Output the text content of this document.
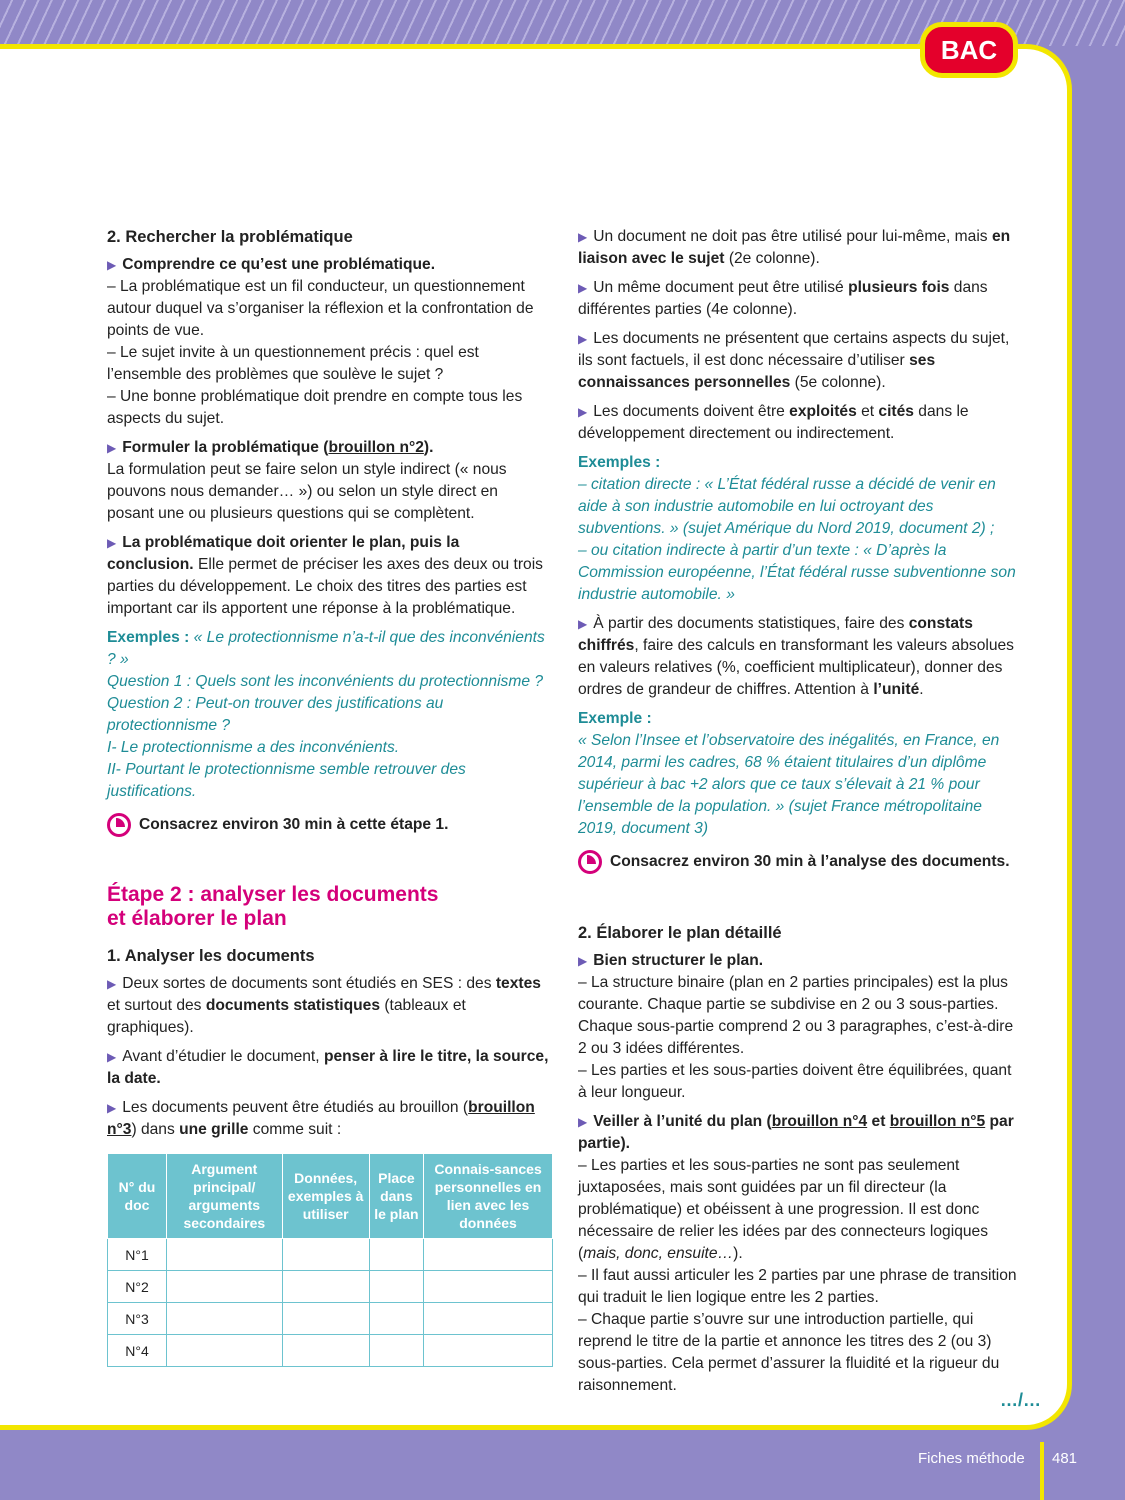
BAC
2. Rechercher la problématique

▶ Comprendre ce qu’est une problématique.

– La problématique est un fil conducteur, un questionnement autour duquel va s’organiser la réflexion et la confrontation de points de vue.

– Le sujet invite à un questionnement précis : quel est l’ensemble des problèmes que soulève le sujet ?

– Une bonne problématique doit prendre en compte tous les aspects du sujet.

▶ Formuler la problématique (brouillon n°2).

La formulation peut se faire selon un style indirect (« nous pouvons nous demander… ») ou selon un style direct en posant une ou plusieurs questions qui se complètent.

▶ La problématique doit orienter le plan, puis la conclusion. Elle permet de préciser les axes des deux ou trois parties du développement. Le choix des titres des parties est important car ils apportent une réponse à la problématique.

Exemples : « Le protectionnisme n’a-t-il que des inconvénients ? »
Question 1 : Quels sont les inconvénients du protectionnisme ?
Question 2 : Peut-on trouver des justifications au protectionnisme ?
I- Le protectionnisme a des inconvénients.
II- Pourtant le protectionnisme semble retrouver des justifications.
Consacrez environ 30 min à cette étape 1.
Étape 2 : analyser les documents
et élaborer le plan
1. Analyser les documents

▶ Deux sortes de documents sont étudiés en SES : des textes et surtout des documents statistiques (tableaux et graphiques).

▶ Avant d’étudier le document, penser à lire le titre, la source, la date.

▶ Les documents peuvent être étudiés au brouillon (brouillon n°3) dans une grille comme suit :

N° du doc	Argument principal/ arguments secondaires	Données, exemples à utiliser	Place dans le plan	Connais-sances personnelles en lien avec les données
N°1				
N°2				
N°3				
N°4				

▶ Un document ne doit pas être utilisé pour lui-même, mais en liaison avec le sujet (2e colonne).

▶ Un même document peut être utilisé plusieurs fois dans différentes parties (4e colonne).

▶ Les documents ne présentent que certains aspects du sujet, ils sont factuels, il est donc nécessaire d’utiliser ses connaissances personnelles (5e colonne).

▶ Les documents doivent être exploités et cités dans le développement directement ou indirectement.

Exemples :
– citation directe : « L’État fédéral russe a décidé de venir en aide à son industrie automobile en lui octroyant des subventions. » (sujet Amérique du Nord 2019, document 2) ;
– ou citation indirecte à partir d’un texte : « D’après la Commission européenne, l’État fédéral russe subventionne son industrie automobile. »

▶ À partir des documents statistiques, faire des constats chiffrés, faire des calculs en transformant les valeurs absolues en valeurs relatives (%, coefficient multiplicateur), donner des ordres de grandeur de chiffres. Attention à l’unité.

Exemple :
« Selon l’Insee et l’observatoire des inégalités, en France, en 2014, parmi les cadres, 68 % étaient titulaires d’un diplôme supérieur à bac +2 alors que ce taux s’élevait à 21 % pour l’ensemble de la population. » (sujet France métropolitaine 2019, document 3)
Consacrez environ 30 min à l’analyse des documents.
2. Élaborer le plan détaillé

▶ Bien structurer le plan.

– La structure binaire (plan en 2 parties principales) est la plus courante. Chaque partie se subdivise en 2 ou 3 sous-parties. Chaque sous-partie comprend 2 ou 3 paragraphes, c’est-à-dire 2 ou 3 idées différentes.

– Les parties et les sous-parties doivent être équilibrées, quant à leur longueur.

▶ Veiller à l’unité du plan (brouillon n°4 et brouillon n°5 par partie).

– Les parties et les sous-parties ne sont pas seulement juxtaposées, mais sont guidées par un fil directeur (la problématique) et obéissent à une progression. Il est donc nécessaire de relier les idées par des connecteurs logiques (mais, donc, ensuite…).

– Il faut aussi articuler les 2 parties par une phrase de transition qui traduit le lien logique entre les 2 parties.

– Chaque partie s’ouvre sur une introduction partielle, qui reprend le titre de la partie et annonce les titres des 2 (ou 3) sous-parties. Cela permet d’assurer la fluidité et la rigueur du raisonnement.

…/…
Fiches méthode 481
